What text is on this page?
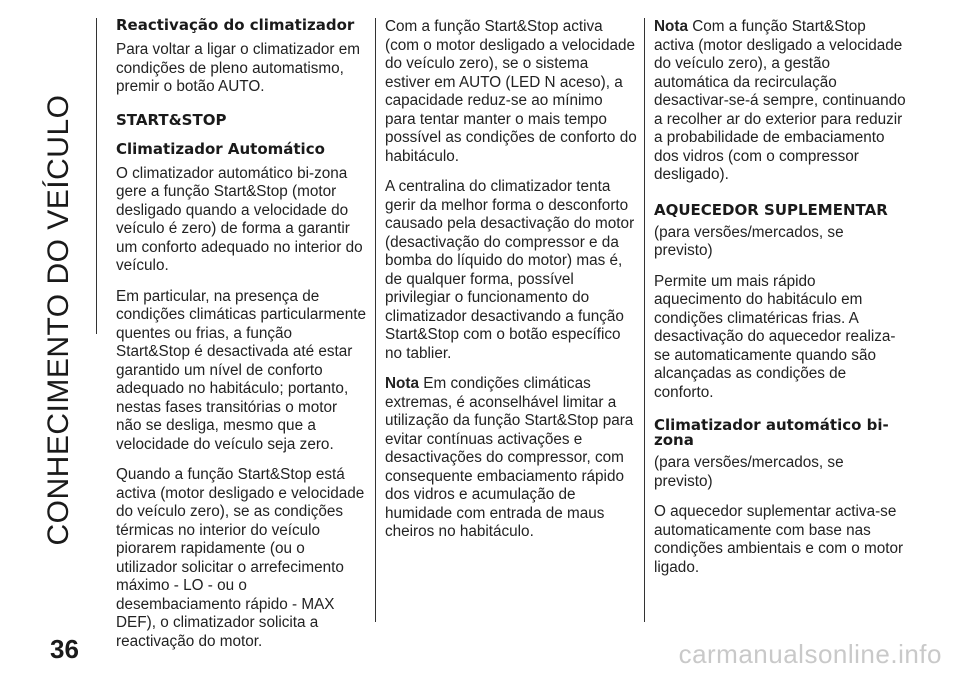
CONHECIMENTO DO VEÍCULO
36
Reactivação do climatizador

Para voltar a ligar o climatizador em condições de pleno automatismo, premir o botão AUTO.

START&STOP
Climatizador Automático

O climatizador automático bi-zona gere a função Start&Stop (motor desligado quando a velocidade do veículo é zero) de forma a garantir um conforto adequado no interior do veículo.

Em particular, na presença de condições climáticas particularmente quentes ou frias, a função Start&Stop é desactivada até estar garantido um nível de conforto adequado no habitáculo; portanto, nestas fases transitórias o motor não se desliga, mesmo que a velocidade do veículo seja zero.

Quando a função Start&Stop está activa (motor desligado e velocidade do veículo zero), se as condições térmicas no interior do veículo piorarem rapidamente (ou o utilizador solicitar o arrefecimento máximo - LO - ou o desembaciamento rápido - MAX DEF), o climatizador solicita a reactivação do motor.

Com a função Start&Stop activa (com o motor desligado a velocidade do veículo zero), se o sistema estiver em AUTO (LED N aceso), a capacidade reduz-se ao mínimo para tentar manter o mais tempo possível as condições de conforto do habitáculo.

A centralina do climatizador tenta gerir da melhor forma o desconforto causado pela desactivação do motor (desactivação do compressor e da bomba do líquido do motor) mas é, de qualquer forma, possível privilegiar o funcionamento do climatizador desactivando a função Start&Stop com o botão específico no tablier.

Nota Em condições climáticas extremas, é aconselhável limitar a utilização da função Start&Stop para evitar contínuas activações e desactivações do compressor, com consequente embaciamento rápido dos vidros e acumulação de humidade com entrada de maus cheiros no habitáculo.

Nota Com a função Start&Stop activa (motor desligado a velocidade do veículo zero), a gestão automática da recirculação desactivar-se-á sempre, continuando a recolher ar do exterior para reduzir a probabilidade de embaciamento dos vidros (com o compressor desligado).

AQUECEDOR SUPLEMENTAR

(para versões/mercados, se previsto)

Permite um mais rápido aquecimento do habitáculo em condições climatéricas frias. A desactivação do aquecedor realiza-se automaticamente quando são alcançadas as condições de conforto.

Climatizador automático bi-zona

(para versões/mercados, se previsto)

O aquecedor suplementar activa-se automaticamente com base nas condições ambientais e com o motor ligado.

carmanualsonline.info
